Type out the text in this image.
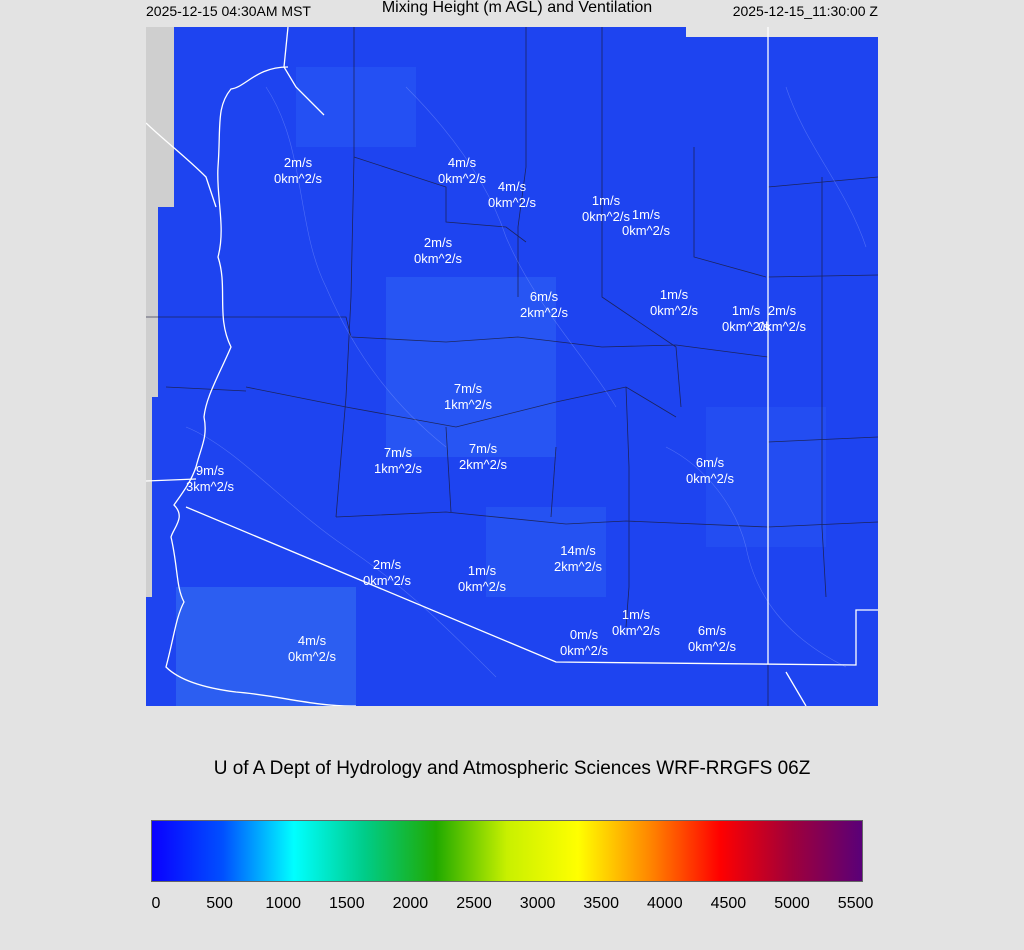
2025-12-15 04:30AM MST	Mixing Height (m AGL) and Ventilation	2025-12-15_11:30:00 Z
2m/s
0km^2/s
4m/s
0km^2/s
4m/s
0km^2/s	1m/s
0km^2/s 1m/s
0km^2/s
2m/s
0km^2/s
6m/s
2km^2/s
1m/s
0km^2/s	1m/s
0km^2/s
2m/s
0km^2/s
7m/s
1km^2/s
7m/s
1km^2/s
7m/s
2km^2/s	6m/s
0km^2/s
9m/s
3km^2/s
14m/s
2km^2/s
2m/s
0km^2/s
1m/s
0km^2/s
1m/s
0km^2/s
0m/s
0km^2/s
6m/s
0km^2/s
4m/s
0km^2/s
U of A Dept of Hydrology and Atmospheric Sciences WRF-RRGFS 06Z
0	500 1000 1500 2000 2500 3000 3500 4000 4500 5000 5500
